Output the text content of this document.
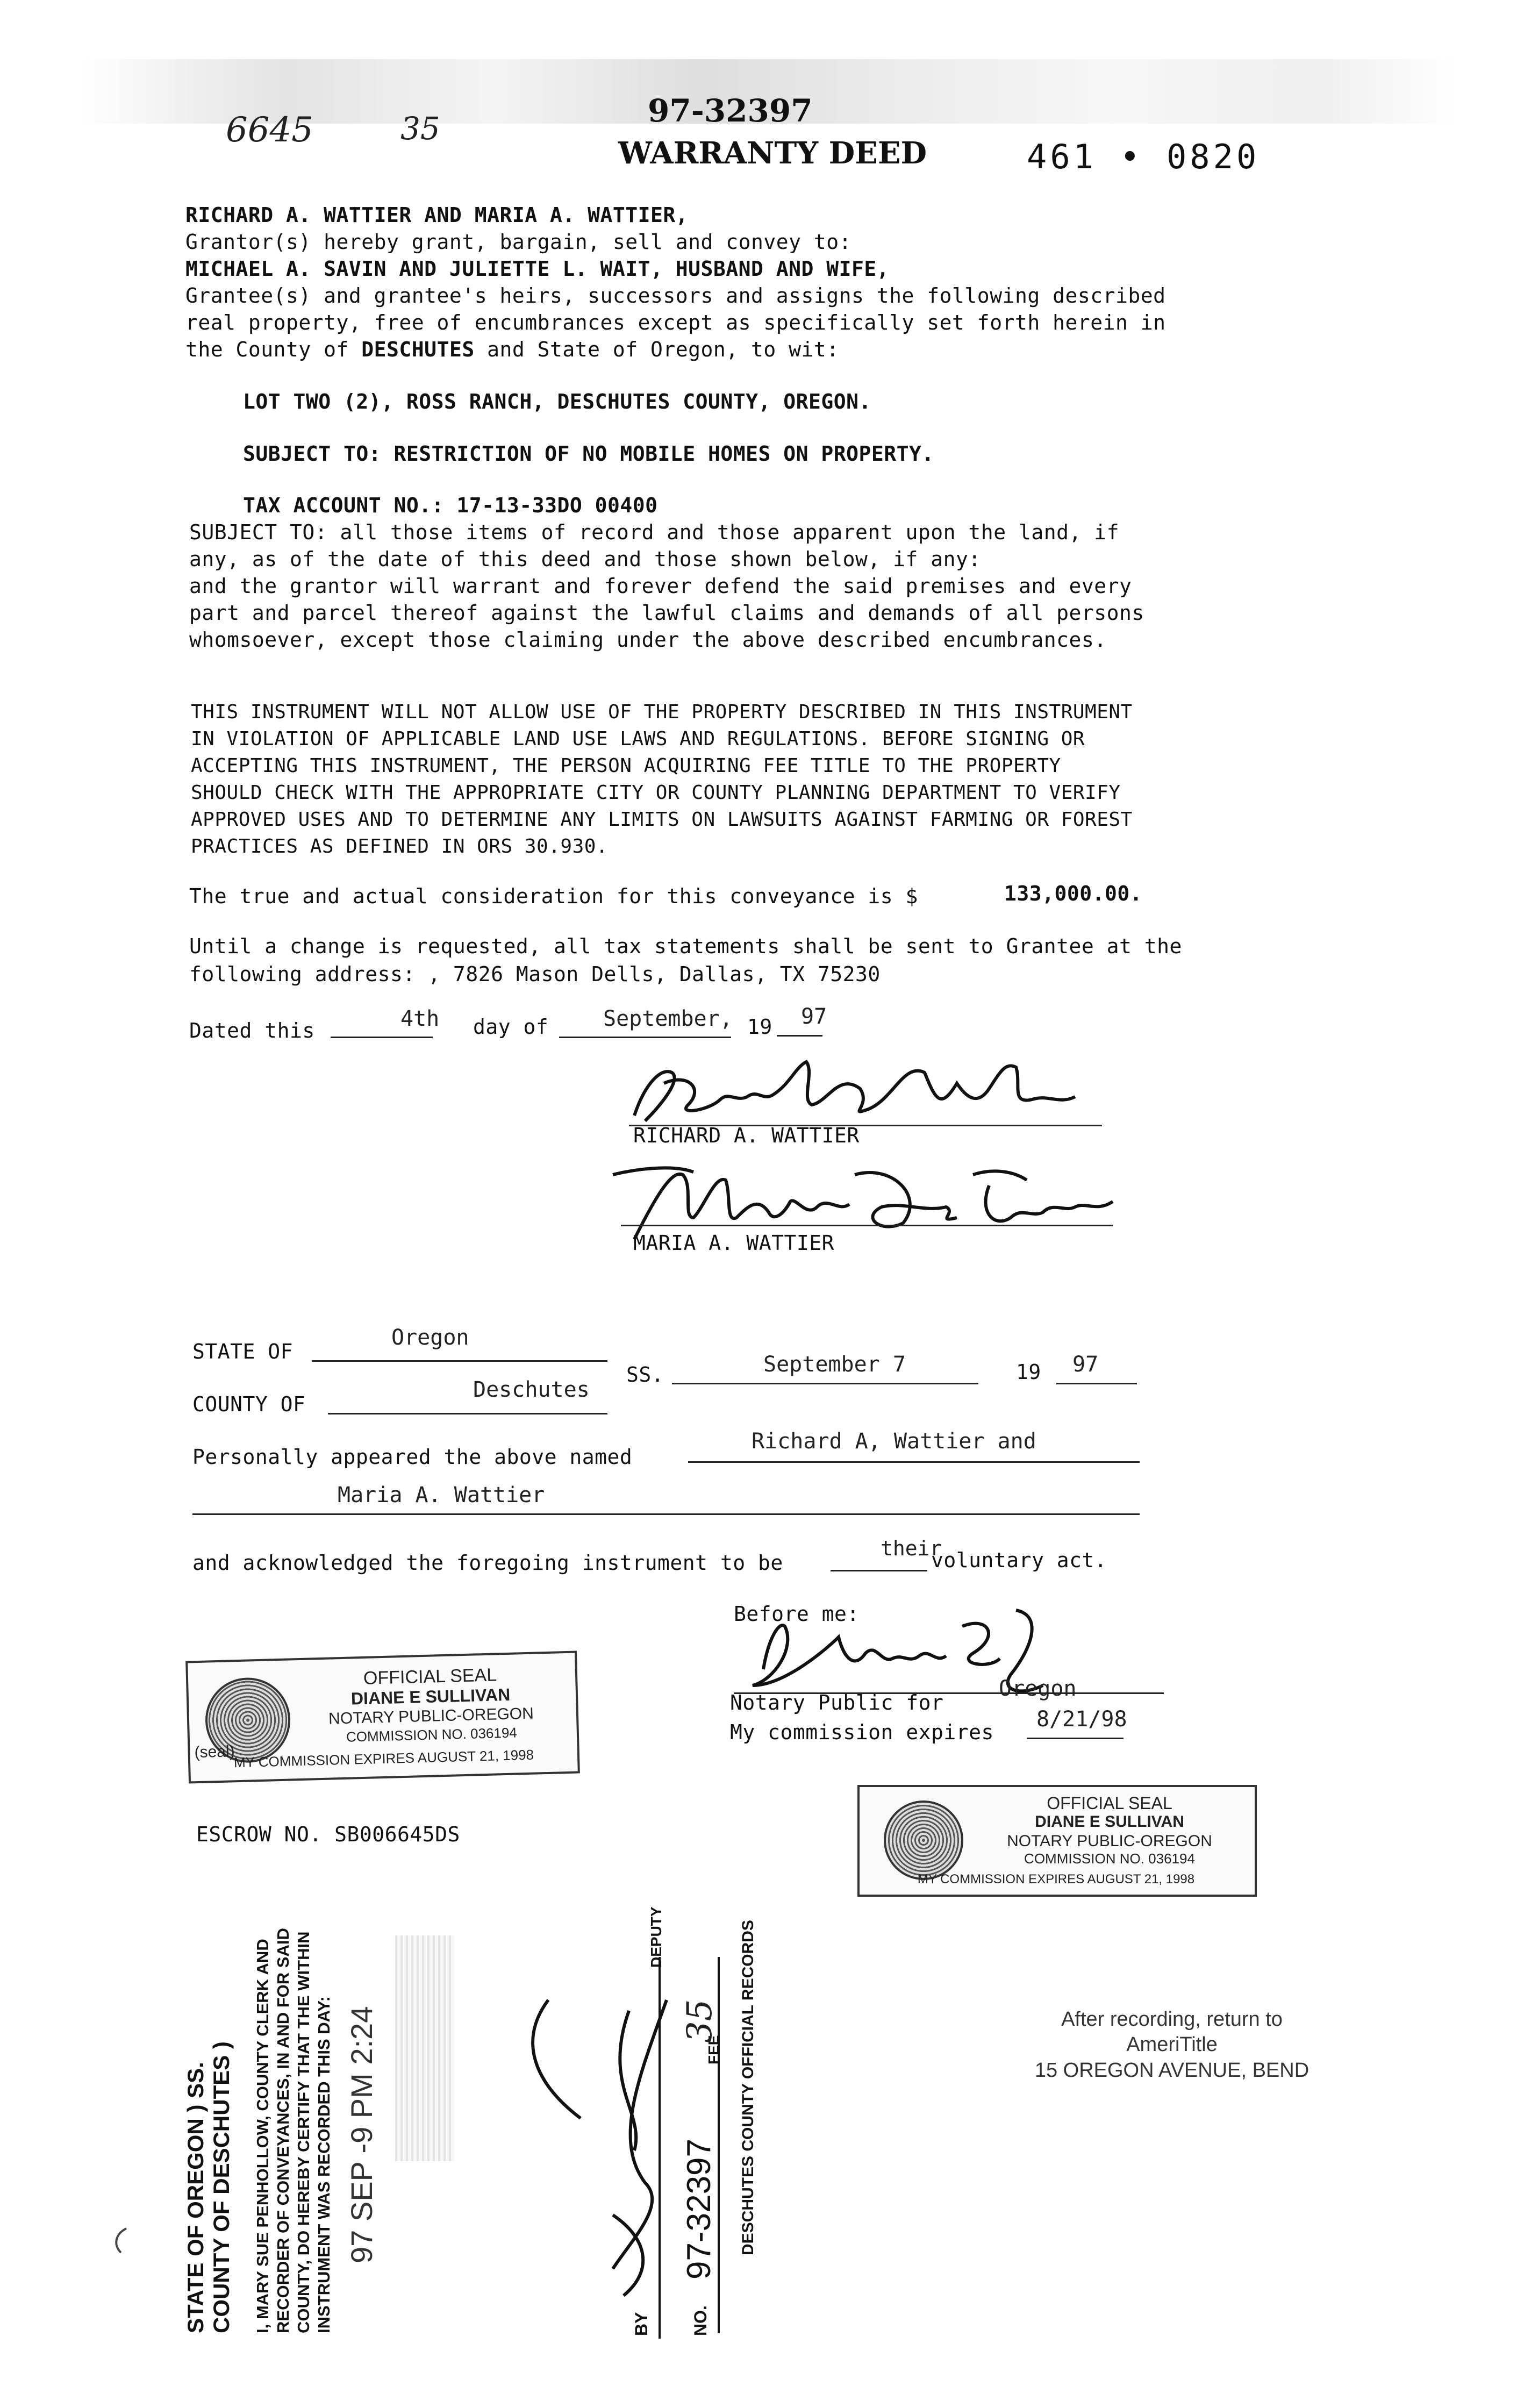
6645	35	97-32397
WARRANTY DEED	461 • 0820
RICHARD A. WATTIER AND MARIA A. WATTIER,
Grantor(s) hereby grant, bargain, sell and convey to:
MICHAEL A. SAVIN AND JULIETTE L. WAIT, HUSBAND AND WIFE,
Grantee(s) and grantee's heirs, successors and assigns the following described
real property, free of encumbrances except as specifically set forth herein in
the County of DESCHUTES and State of Oregon, to wit:
LOT TWO (2), ROSS RANCH, DESCHUTES COUNTY, OREGON.
SUBJECT TO: RESTRICTION OF NO MOBILE HOMES ON PROPERTY.
TAX ACCOUNT NO.: 17-13-33DO 00400
SUBJECT TO: all those items of record and those apparent upon the land, if
any, as of the date of this deed and those shown below, if any:
and the grantor will warrant and forever defend the said premises and every
part and parcel thereof against the lawful claims and demands of all persons
whomsoever, except those claiming under the above described encumbrances.
THIS INSTRUMENT WILL NOT ALLOW USE OF THE PROPERTY DESCRIBED IN THIS INSTRUMENT
IN VIOLATION OF APPLICABLE LAND USE LAWS AND REGULATIONS. BEFORE SIGNING OR
ACCEPTING THIS INSTRUMENT, THE PERSON ACQUIRING FEE TITLE TO THE PROPERTY
SHOULD CHECK WITH THE APPROPRIATE CITY OR COUNTY PLANNING DEPARTMENT TO VERIFY
APPROVED USES AND TO DETERMINE ANY LIMITS ON LAWSUITS AGAINST FARMING OR FOREST
PRACTICES AS DEFINED IN ORS 30.930.
The true and actual consideration for this conveyance is $	133,000.00.
Until a change is requested, all tax statements shall be sent to Grantee at the
following address: , 7826 Mason Dells, Dallas, TX 75230
Dated this	4th day of	September, 19 97
RICHARD A. WATTIER
MARIA A. WATTIER
STATE OF
Oregon
SS.	September 7	19 97
COUNTY OF
Deschutes
Personally appeared the above named
Richard A, Wattier and
Maria A. Wattier
and acknowledged the foregoing instrument to be
their
voluntary act.
Before me:
Notary Public for
Oregon
My commission expires
8/21/98
OFFICIAL SEAL
DIANE E SULLIVAN
NOTARY PUBLIC-OREGON
COMMISSION NO. 036194
MY COMMISSION EXPIRES AUGUST 21, 1998
(seal)
OFFICIAL SEAL
DIANE E SULLIVAN
NOTARY PUBLIC-OREGON
COMMISSION NO. 036194
MY COMMISSION EXPIRES AUGUST 21, 1998
ESCROW NO. SB006645DS
STATE OF OREGON ) SS. COUNTY OF DESCHUTES ) I, MARY SUE PENHOLLOW, COUNTY CLERK AND RECORDER OF CONVEYANCES, IN AND FOR SAID COUNTY, DO HEREBY CERTIFY THAT THE WITHIN INSTRUMENT WAS RECORDED THIS DAY: 97 SEP -9 PM 2:24
BY
DEPUTY
NO.
97-32397
FEE
35 DESCHUTES COUNTY OFFICIAL RECORDS	After recording, return to
AmeriTitle
15 OREGON AVENUE, BEND
